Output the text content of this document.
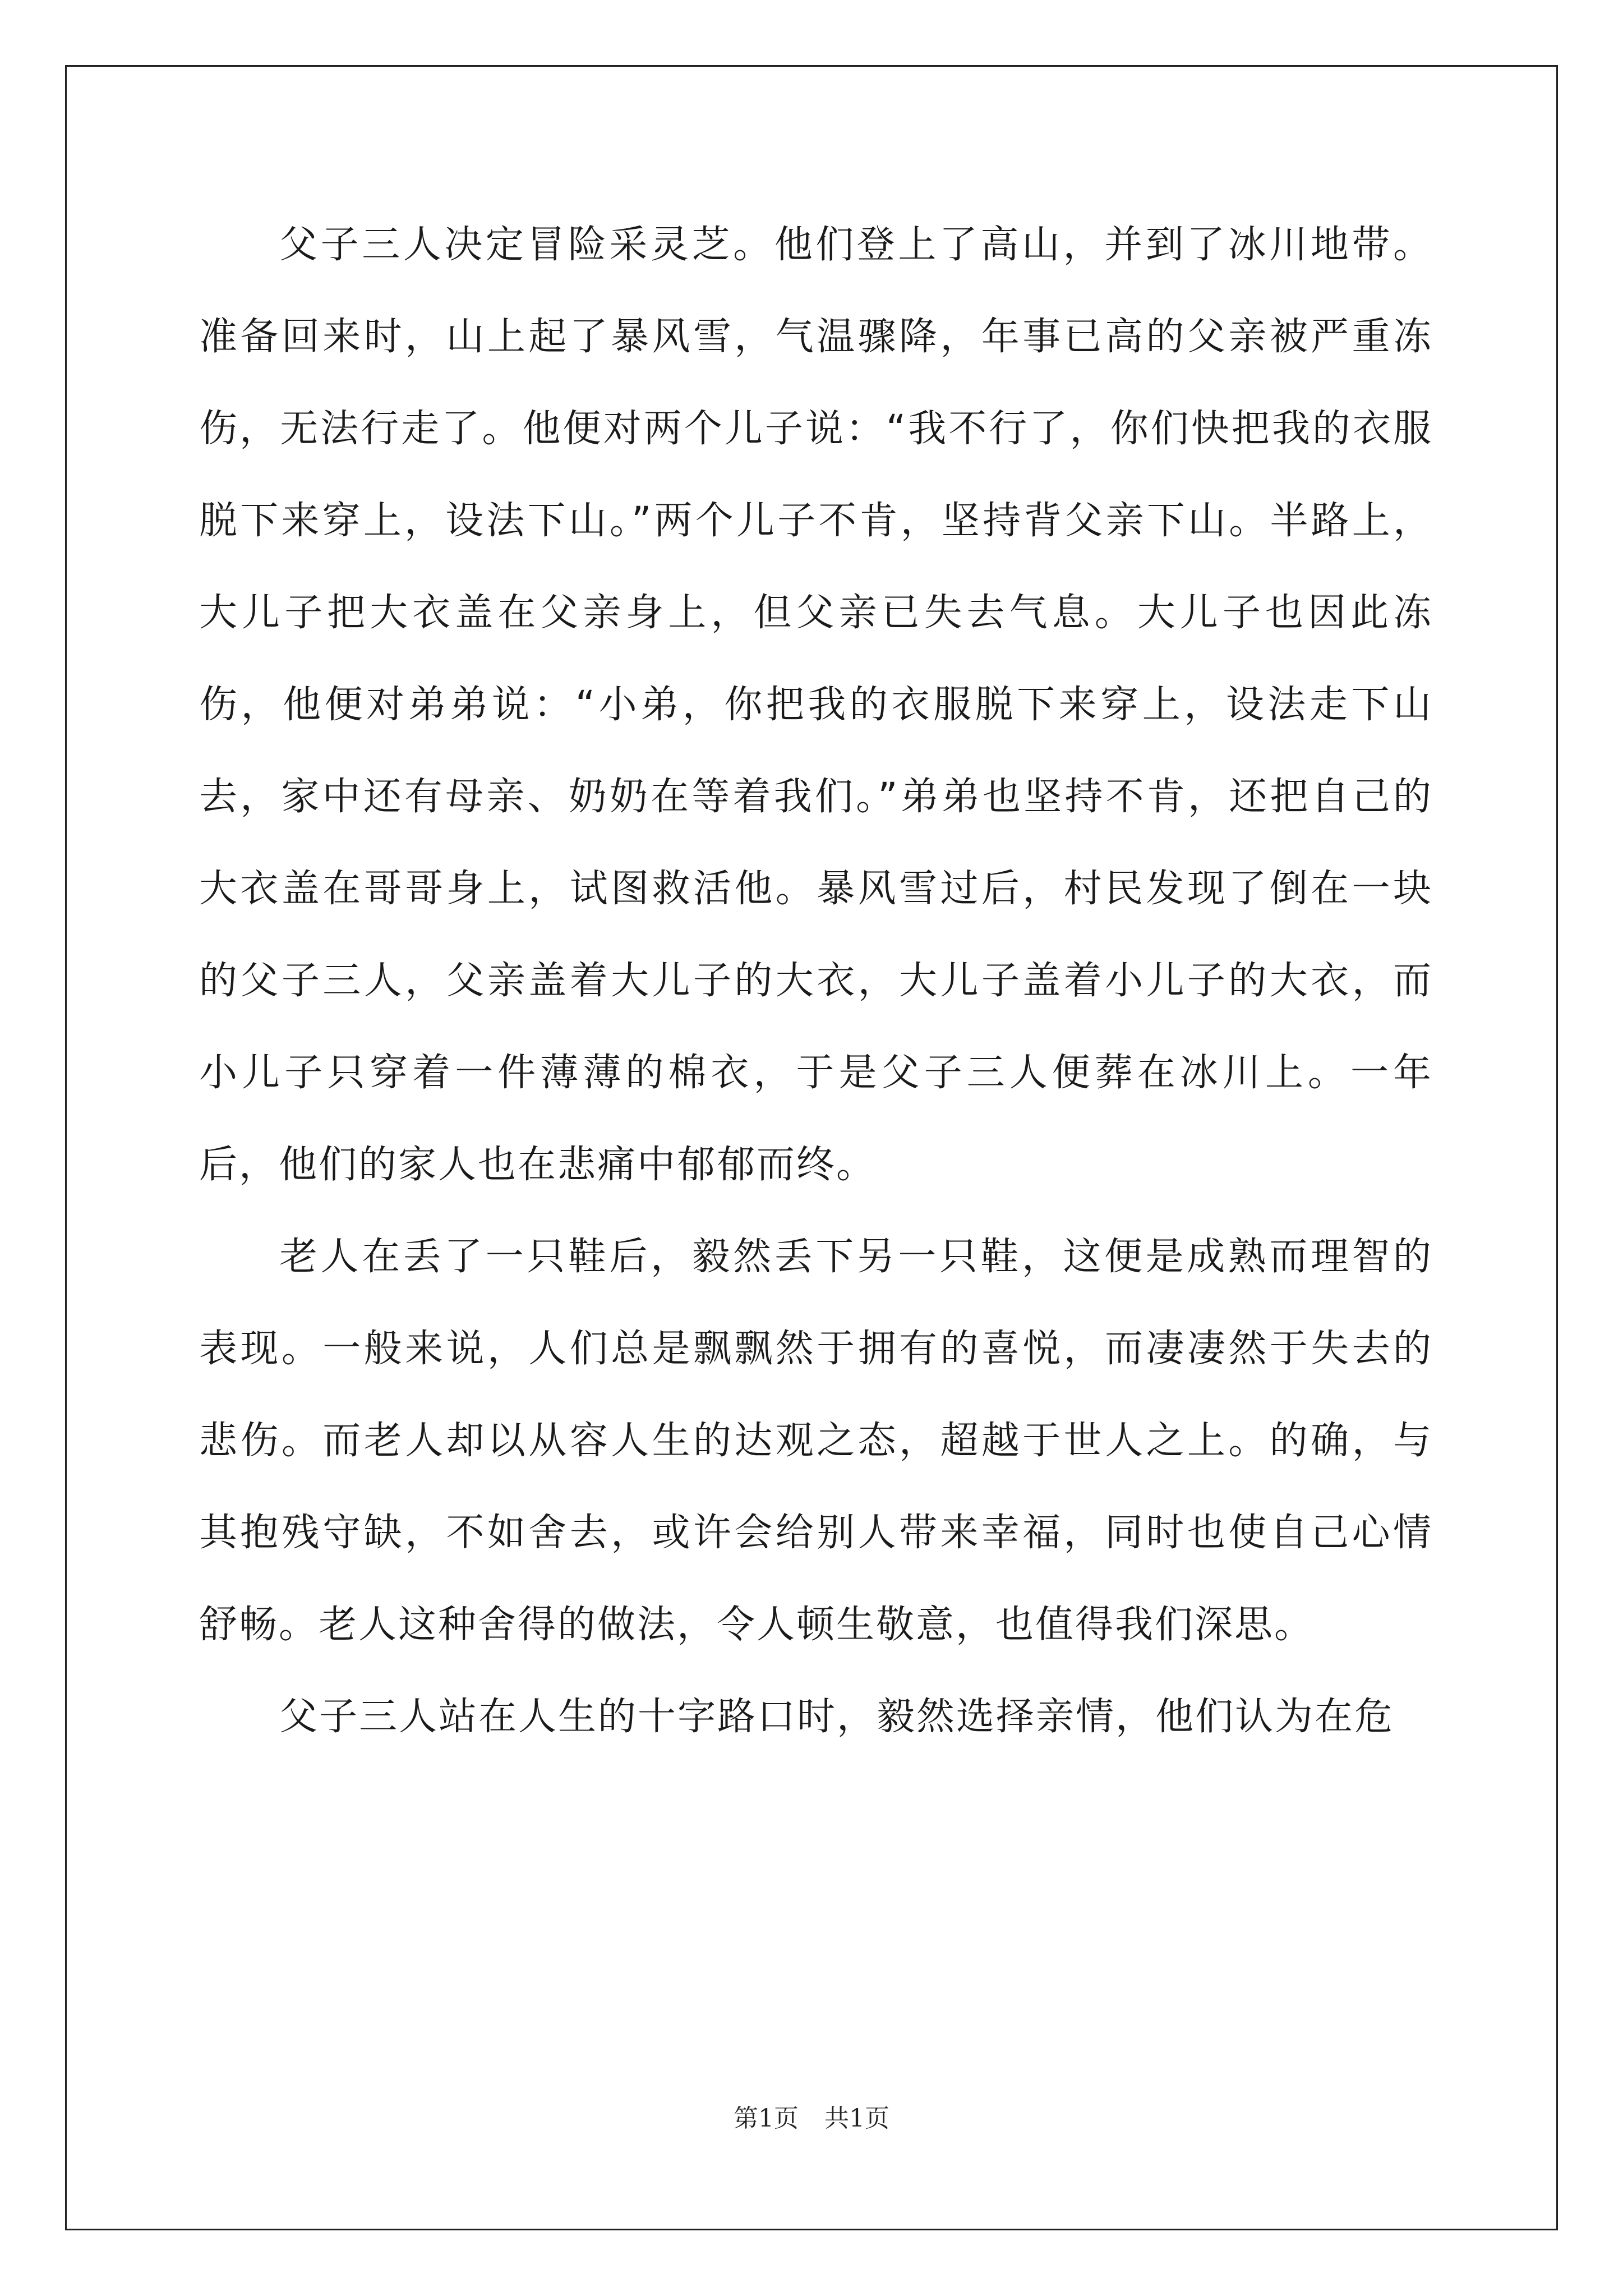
父子三人决定冒险采灵芝。他们登上了高山，并到了冰川地带。准备回来时，山上起了暴风雪，气温骤降，年事已高的父亲被严重冻伤，无法行走了。他便对两个儿子说：“我不行了，你们快把我的衣服脱下来穿上，设法下山。”两个儿子不肯，坚持背父亲下山。半路上，大儿子把大衣盖在父亲身上，但父亲已失去气息。大儿子也因此冻伤，他便对弟弟说：“小弟，你把我的衣服脱下来穿上，设法走下山去，家中还有母亲、奶奶在等着我们。”弟弟也坚持不肯，还把自己的大衣盖在哥哥身上，试图救活他。暴风雪过后，村民发现了倒在一块的父子三人，父亲盖着大儿子的大衣，大儿子盖着小儿子的大衣，而小儿子只穿着一件薄薄的棉衣，于是父子三人便葬在冰川上。一年后，他们的家人也在悲痛中郁郁而终。

老人在丢了一只鞋后，毅然丢下另一只鞋，这便是成熟而理智的表现。一般来说，人们总是飘飘然于拥有的喜悦，而凄凄然于失去的悲伤。而老人却以从容人生的达观之态，超越于世人之上。的确，与其抱残守缺，不如舍去，或许会给别人带来幸福，同时也使自己心情舒畅。老人这种舍得的做法，令人顿生敬意，也值得我们深思。

父子三人站在人生的十字路口时，毅然选择亲情，他们认为在危

第1页 共1页
